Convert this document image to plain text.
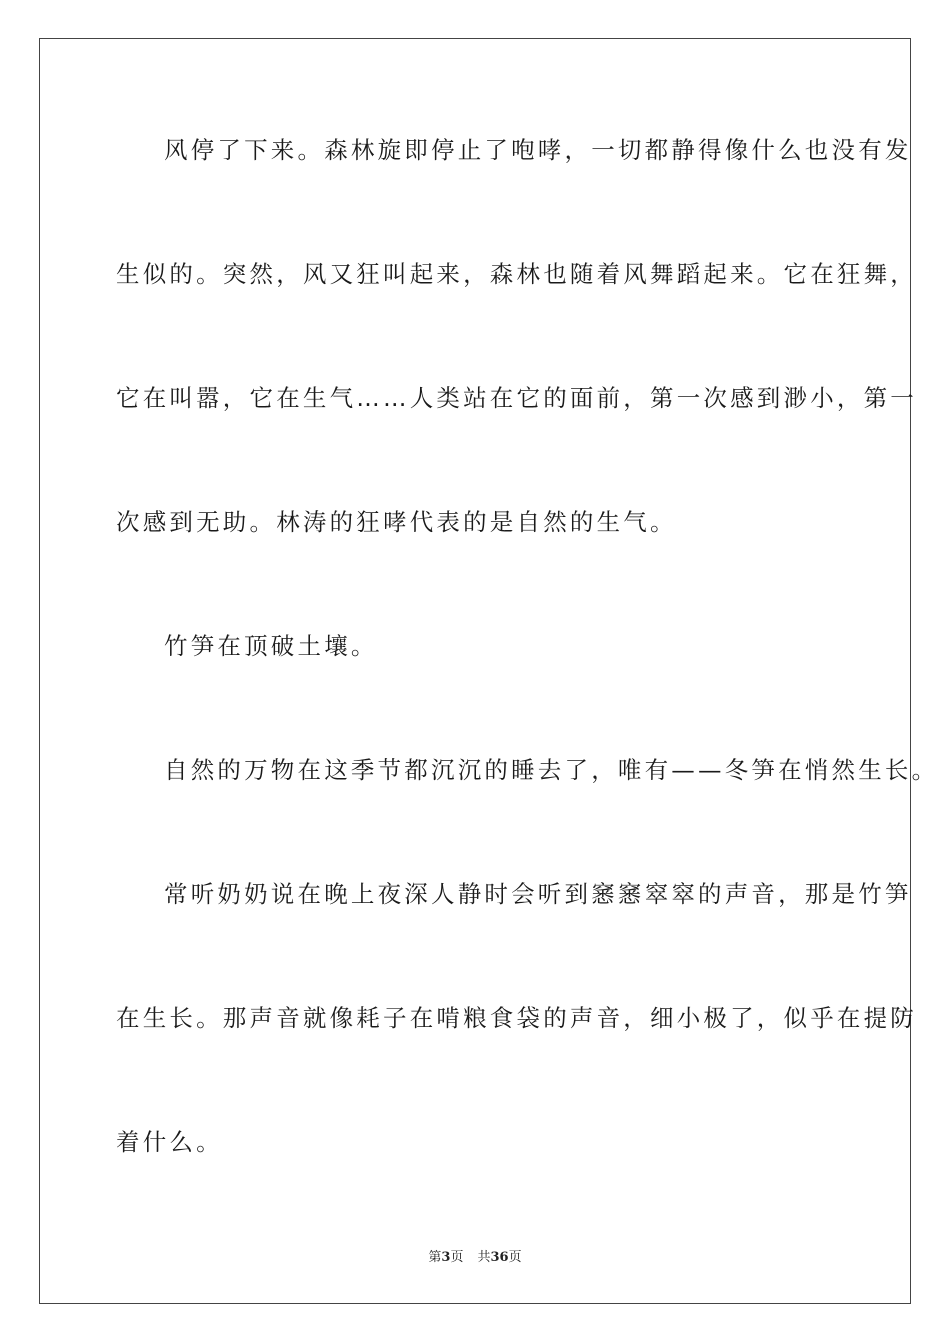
风停了下来。森林旋即停止了咆哮，一切都静得像什么也没有发
生似的。突然，风又狂叫起来，森林也随着风舞蹈起来。它在狂舞，
它在叫嚣，它在生气……人类站在它的面前，第一次感到渺小，第一
次感到无助。林涛的狂哮代表的是自然的生气。
竹笋在顶破土壤。
自然的万物在这季节都沉沉的睡去了，唯有——冬笋在悄然生长。
常听奶奶说在晚上夜深人静时会听到窸窸窣窣的声音，那是竹笋
在生长。那声音就像耗子在啃粮食袋的声音，细小极了，似乎在提防
着什么。
第3页 共36页
